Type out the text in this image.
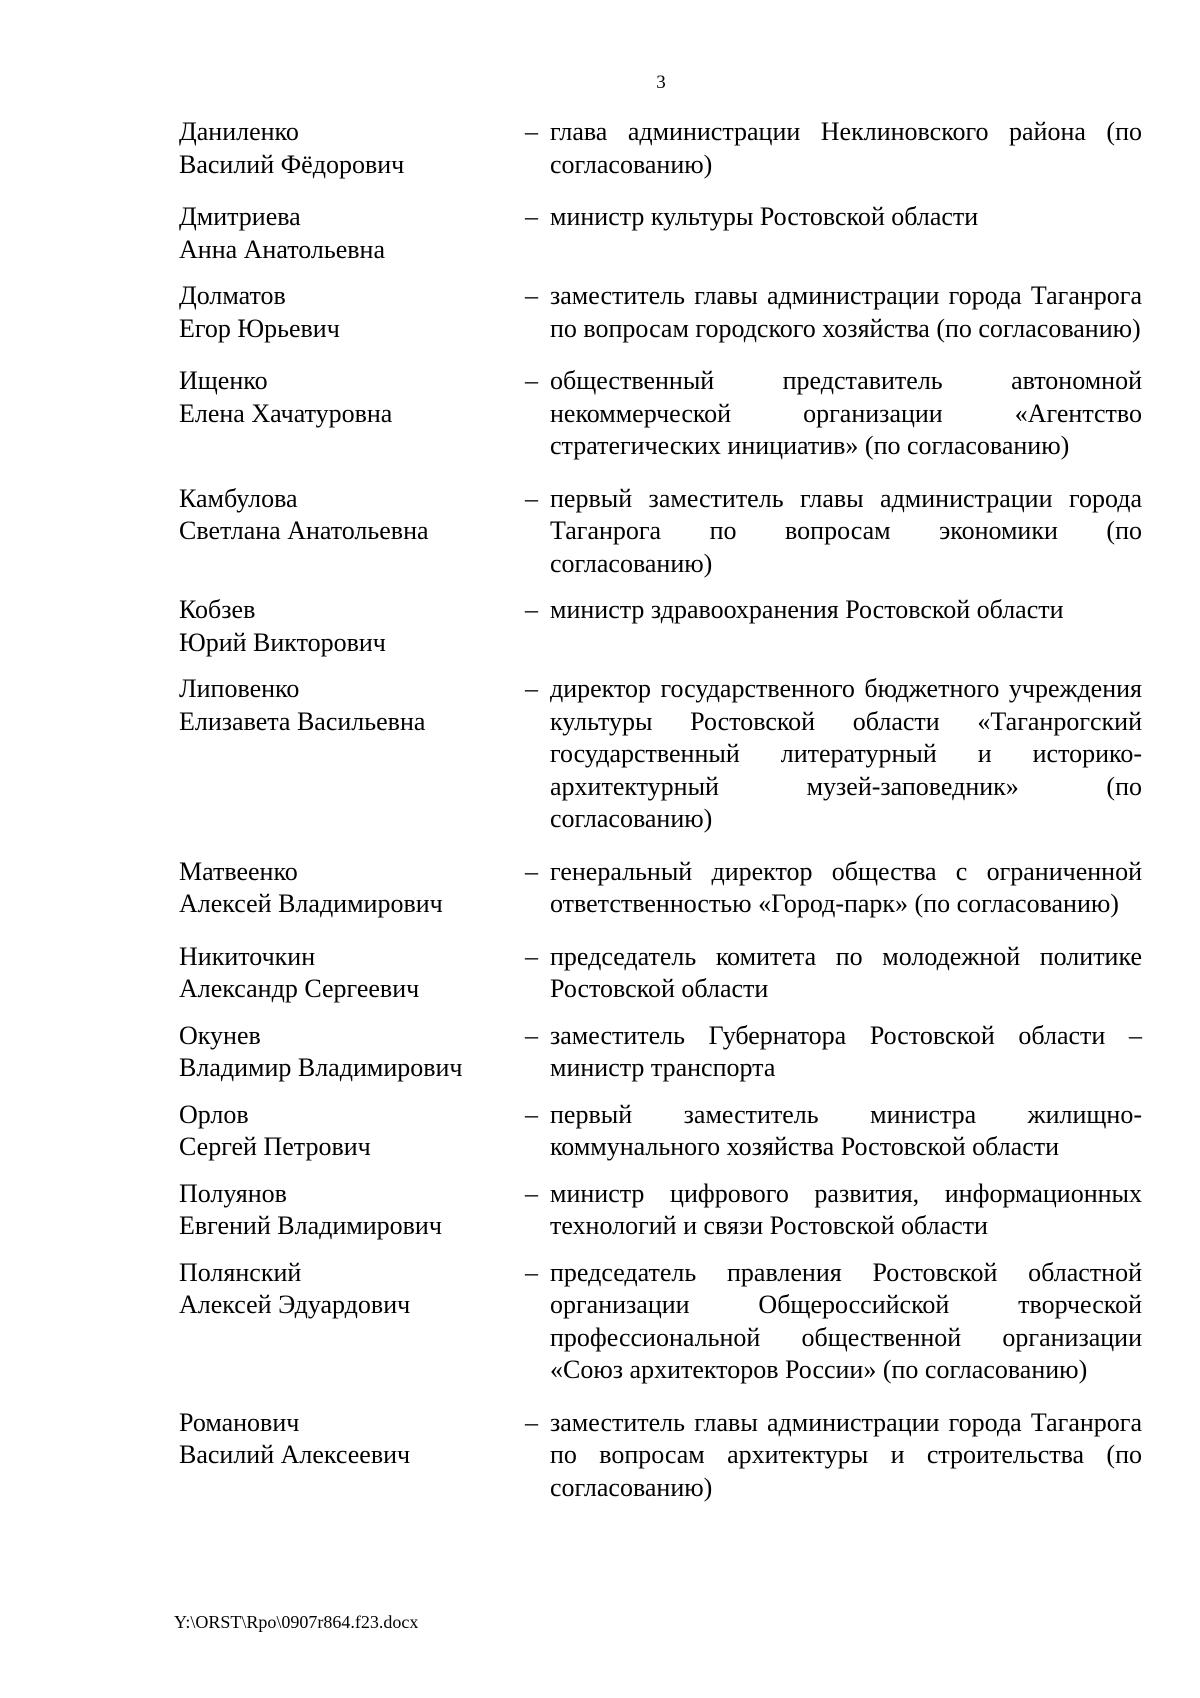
3
Даниленко
Василий Фёдорович
– глава администрации Неклиновского района (по согласованию)
Дмитриева
Анна Анатольевна
– министр культуры Ростовской области
Долматов
Егор Юрьевич
– заместитель главы администрации города Таганрога по вопросам городского хозяйства (по согласованию)
Ищенко
Елена Хачатуровна
– общественный представитель автономной некоммерческой организации «Агентство стратегических инициатив» (по согласованию)
Камбулова
Светлана Анатольевна
– первый заместитель главы администрации города Таганрога по вопросам экономики (по согласованию)
Кобзев
Юрий Викторович
– министр здравоохранения Ростовской области
Липовенко
Елизавета Васильевна
– директор государственного бюджетного учреждения культуры Ростовской области «Таганрогский государственный литературный и историко-архитектурный музей-заповедник» (по согласованию)
Матвеенко
Алексей Владимирович
– генеральный директор общества с ограниченной ответственностью «Город-парк» (по согласованию)
Никиточкин
Александр Сергеевич
– председатель комитета по молодежной политике Ростовской области
Окунев
Владимир Владимирович
– заместитель Губернатора Ростовской области – министр транспорта
Орлов
Сергей Петрович
– первый заместитель министра жилищно-коммунального хозяйства Ростовской области
Полуянов
Евгений Владимирович
– министр цифрового развития, информационных технологий и связи Ростовской области
Полянский
Алексей Эдуардович
– председатель правления Ростовской областной организации Общероссийской творческой профессиональной общественной организации «Союз архитекторов России» (по согласованию)
Романович
Василий Алексеевич
– заместитель главы администрации города Таганрога по вопросам архитектуры и строительства (по согласованию)
Y:\ORST\Rpo\0907r864.f23.docx
